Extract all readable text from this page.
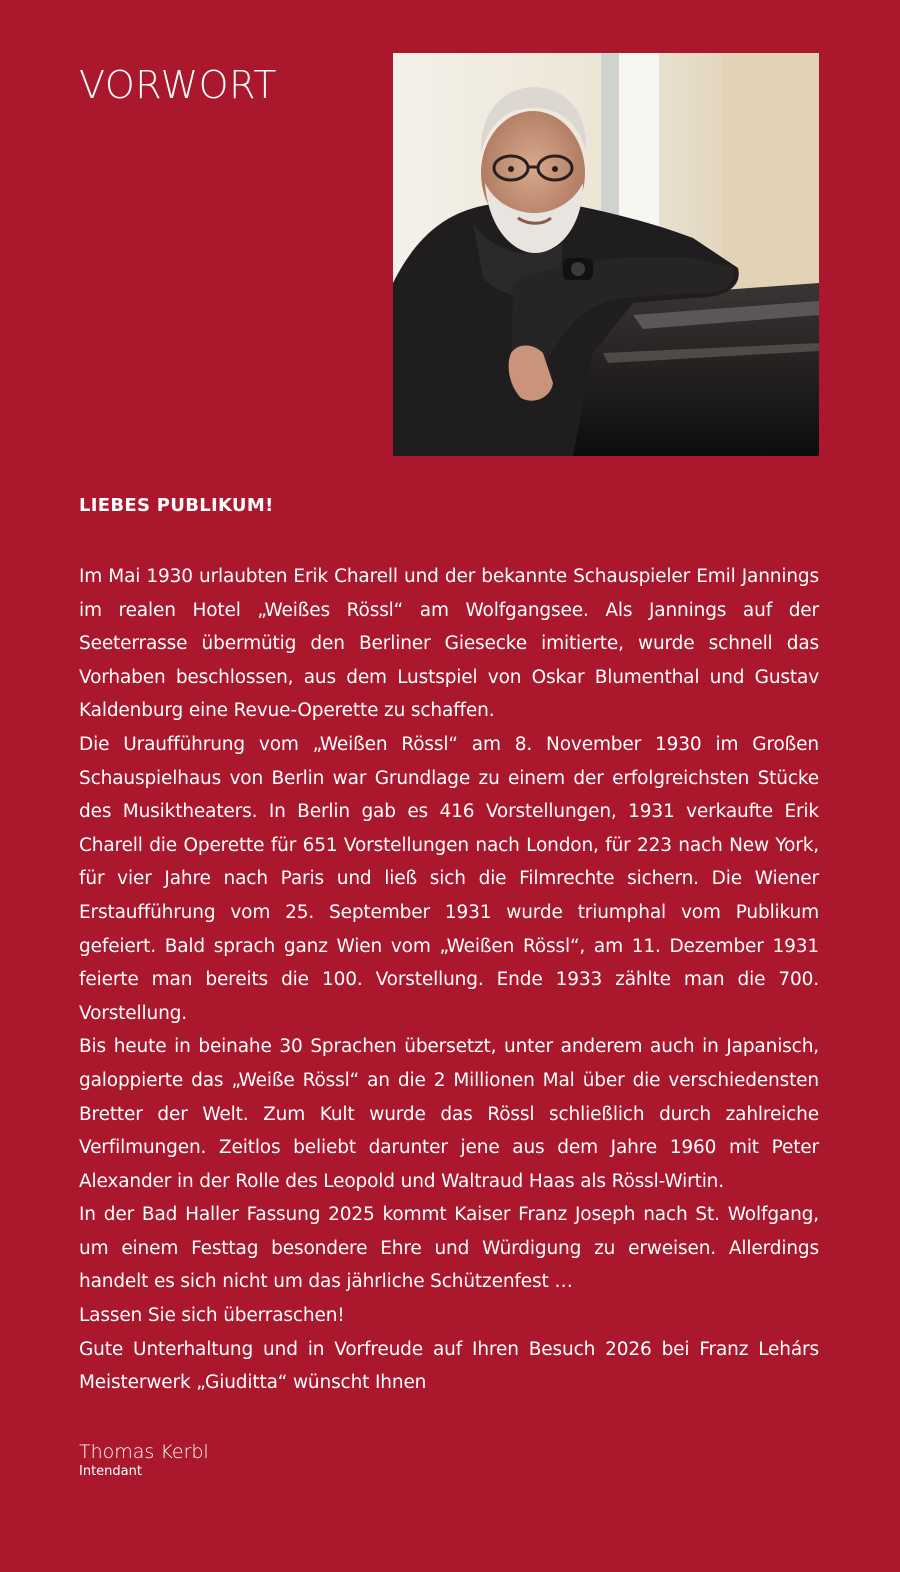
VORWORT
LIEBES PUBLIKUM!

Im Mai 1930 urlaubten Erik Charell und der bekannte Schauspieler Emil Jannings im realen Hotel „Weißes Rössl“ am Wolfgangsee. Als Jannings auf der Seeterrasse übermütig den Berliner Giesecke imitierte, wurde schnell das Vorhaben beschlossen, aus dem Lustspiel von Oskar Blumenthal und Gustav Kaldenburg eine Revue-Operette zu schaffen.

Die Uraufführung vom „Weißen Rössl“ am 8. November 1930 im Großen Schauspielhaus von Berlin war Grundlage zu einem der erfolgreichsten Stücke des Musiktheaters. In Berlin gab es 416 Vorstellungen, 1931 verkaufte Erik Charell die Operette für 651 Vorstellungen nach London, für 223 nach New York, für vier Jahre nach Paris und ließ sich die Filmrechte sichern. Die Wiener Erstaufführung vom 25. September 1931 wurde triumphal vom Publikum gefeiert. Bald sprach ganz Wien vom „Weißen Rössl“, am 11. Dezember 1931 feierte man bereits die 100. Vorstellung. Ende 1933 zählte man die 700. Vorstellung.

Bis heute in beinahe 30 Sprachen übersetzt, unter anderem auch in Japanisch, galoppierte das „Weiße Rössl“ an die 2 Millionen Mal über die verschiedensten Bretter der Welt. Zum Kult wurde das Rössl schließlich durch zahlreiche Verfilmungen. Zeitlos beliebt darunter jene aus dem Jahre 1960 mit Peter Alexander in der Rolle des Leopold und Waltraud Haas als Rössl-Wirtin.

In der Bad Haller Fassung 2025 kommt Kaiser Franz Joseph nach St. Wolfgang, um einem Festtag besondere Ehre und Würdigung zu erweisen. Allerdings handelt es sich nicht um das jährliche Schützenfest …

Lassen Sie sich überraschen!

Gute Unterhaltung und in Vorfreude auf Ihren Besuch 2026 bei Franz Lehárs Meisterwerk „Giuditta“ wünscht Ihnen

Thomas Kerbl
Intendant
